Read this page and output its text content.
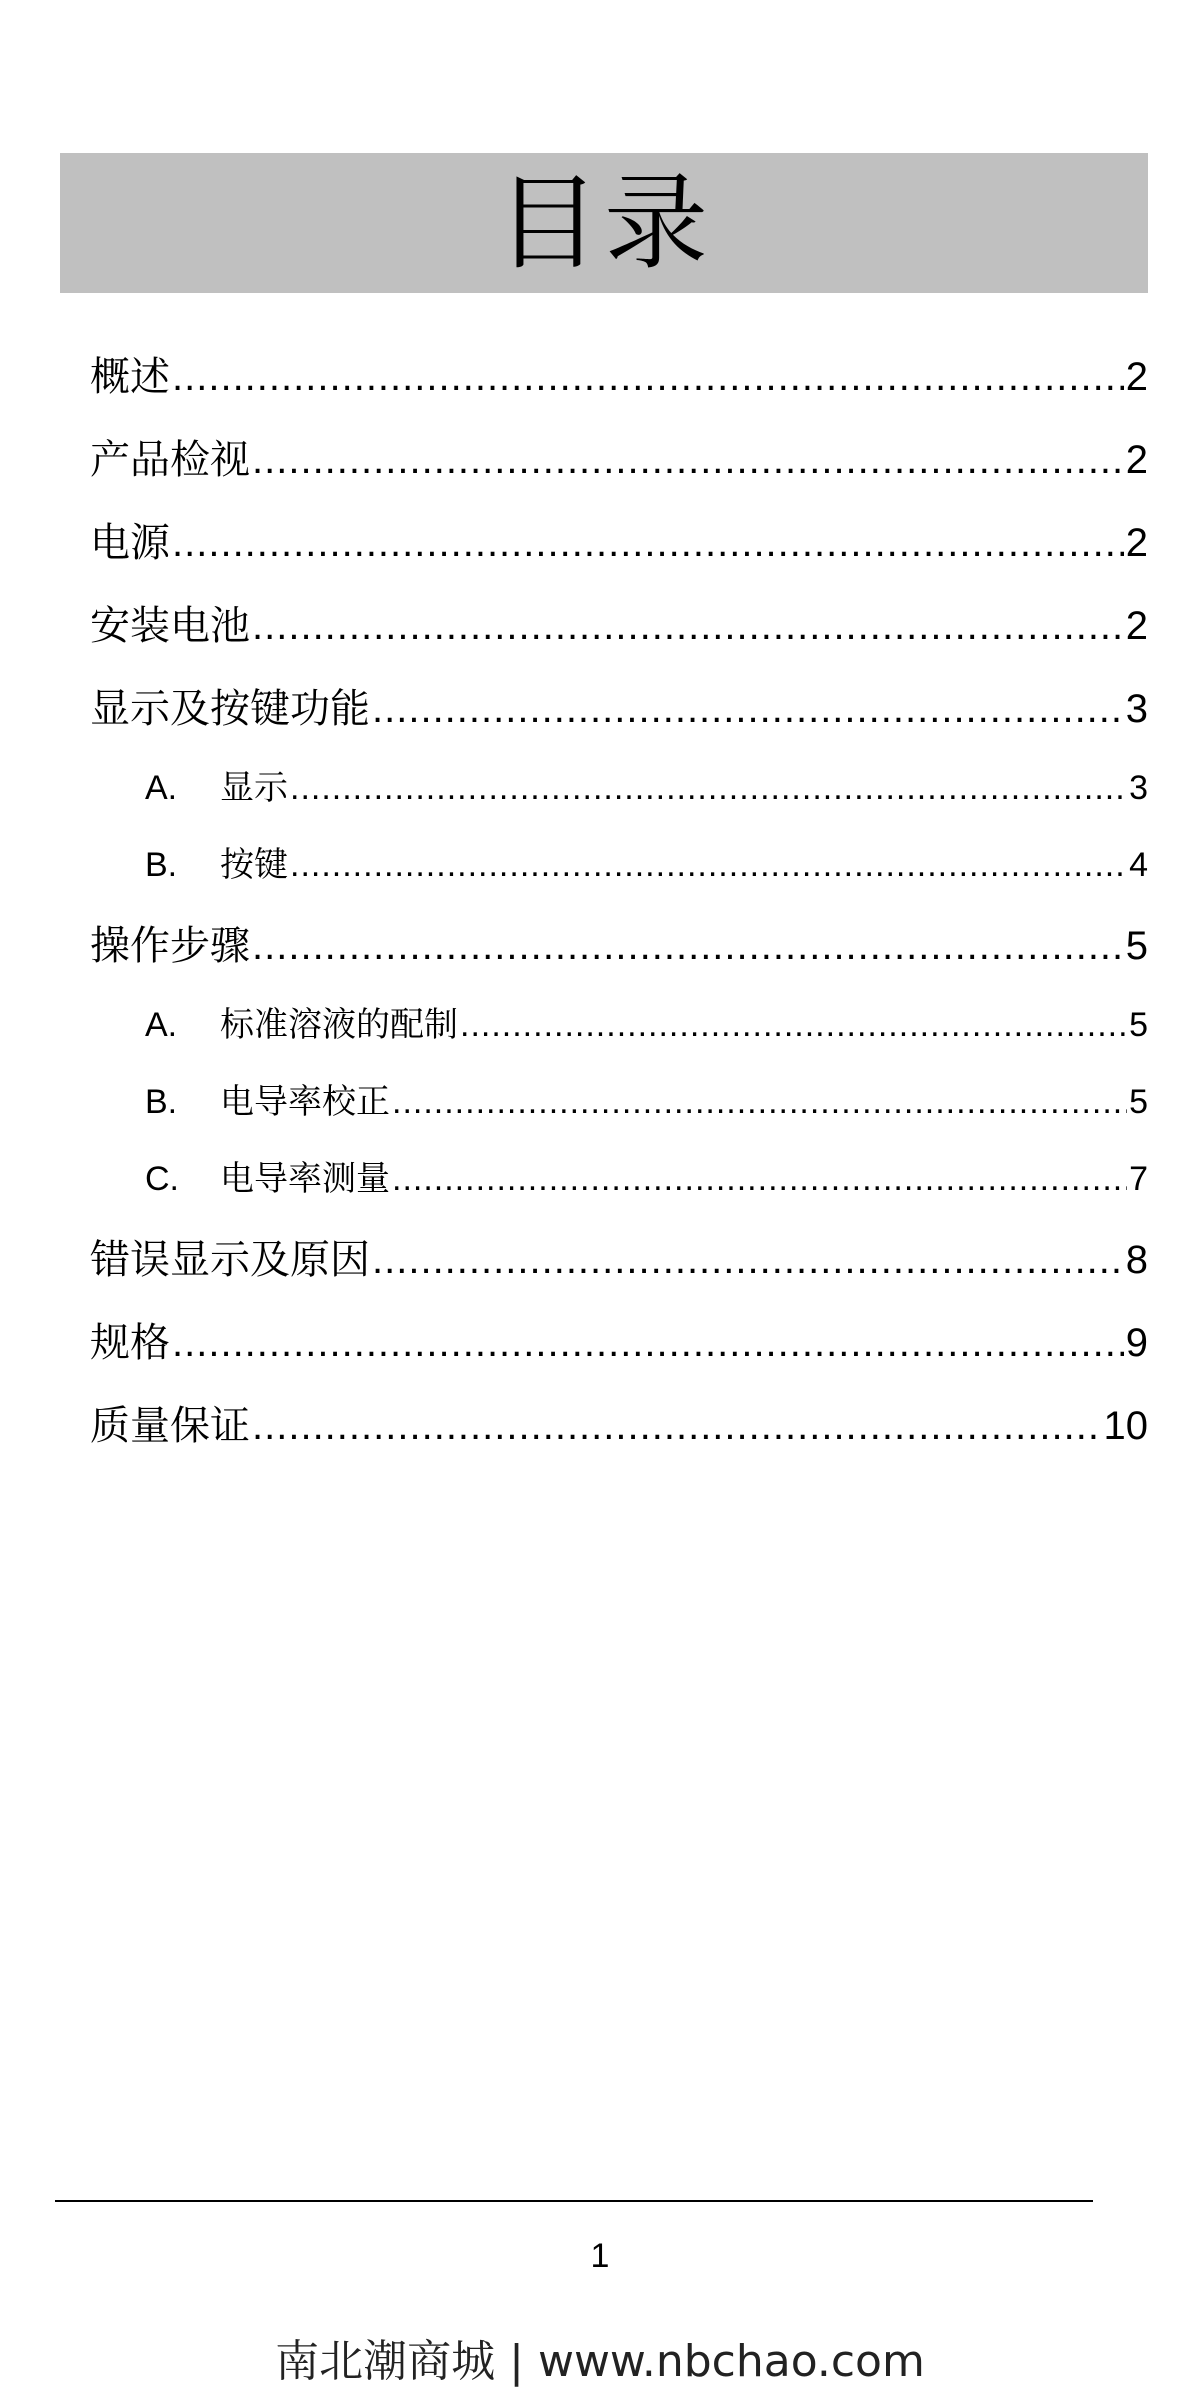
目录
概述 .....	2
产品检视 .....	2
电源 .....	2
安装电池 .....	2
显示及按键功能 .....	3
A.	显示 .....	3
B.	按键 .....	4
操作步骤 .....	5
A.	标准溶液的配制 .....	5
B.	电导率校正 .....	5
C.	电导率测量 .....	7
错误显示及原因 .....	8
规格 .....	9
质量保证 .....	10
1
南北潮商城 | www.nbchao.com
